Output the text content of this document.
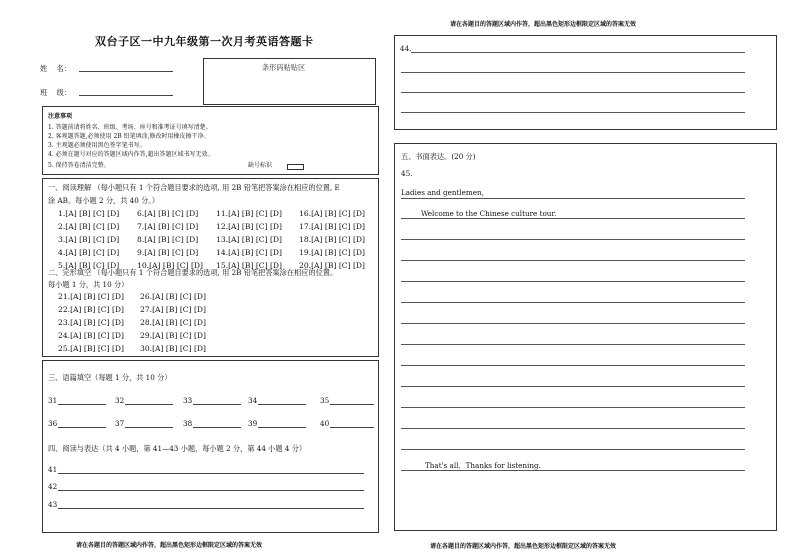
双台子区一中九年级第一次月考英语答题卡
姓　 名：
班　 级：
条形码粘贴区
注意事项
1. 答题前请将姓名、班级、考场、座号和准考证号填写清楚。
2. 客观题答题,必须使用 2B 铅笔填涂,修改时用橡皮擦干净。
3. 主观题必须使用黑色签字笔书写。
4. 必须在题号对应的答题区域内作答,超出答题区域书写无效。
5. 保持答卷清洁完整。	缺号标识
一、阅读理解 （每小题只有 1 个符合题目要求的选项, 用 2B 铅笔把答案涂在相应的位置, E
涂 AB。每小题 2 分，共 40 分。）
1.[A] [B] [C] [D] 6.[A] [B] [C] [D] 11.[A] [B] [C] [D] 16.[A] [B] [C] [D]
2.[A] [B] [C] [D] 7.[A] [B] [C] [D] 12.[A] [B] [C] [D] 17.[A] [B] [C] [D]
3.[A] [B] [C] [D] 8.[A] [B] [C] [D] 13.[A] [B] [C] [D] 18.[A] [B] [C] [D]
4.[A] [B] [C] [D] 9.[A] [B] [C] [D] 14.[A] [B] [C] [D] 19.[A] [B] [C] [D]
5.[A] [B] [C] [D] 10.[A] [B] [C] [D] 15.[A] [B] [C] [D] 20.[A] [B] [C] [D]
二、完形填空 （每小题只有 1 个符合题目要求的选项, 用 2B 铅笔把答案涂在相应的位置。
每小题 1 分，共 10 分）
21.[A] [B] [C] [D] 26.[A] [B] [C] [D]
22.[A] [B] [C] [D] 27.[A] [B] [C] [D]
23.[A] [B] [C] [D] 28.[A] [B] [C] [D]
24.[A] [B] [C] [D] 29.[A] [B] [C] [D]
25.[A] [B] [C] [D] 30.[A] [B] [C] [D]
三、语篇填空（每题 1 分，共 10 分）
31	32	33	34	35
36	37	38	39	40
四、阅读与表达（共 4 小题，第 41—43 小题，每小题 2 分，第 44 小题 4 分）
41
42
43
请在各题目的答题区域内作答，超出黑色矩形边框限定区域的答案无效
请在各题目的答题区域内作答，超出黑色矩形边框限定区域的答案无效
44.
五、书面表达。(20 分)
45.
Ladies and gentlemen，
Welcome to the Chinese culture tour.
That's all．Thanks for listening.
请在各题目的答题区域内作答，超出黑色矩形边框限定区域的答案无效
